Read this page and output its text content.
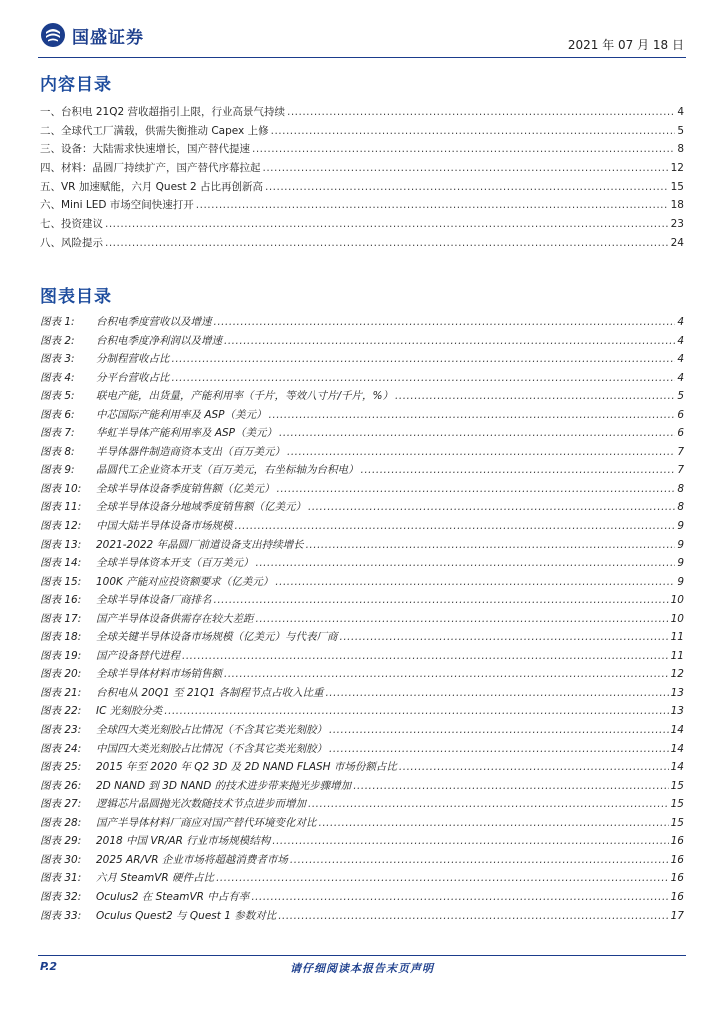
国盛证券	2021 年 07 月 18 日
内容目录
一、台积电 21Q2 营收超指引上限，行业高景气持续 .....	4
二、全球代工厂满载，供需失衡推动 Capex 上修 .....	5
三、设备：大陆需求快速增长，国产替代提速 .....	8
四、材料：晶圆厂持续扩产，国产替代序幕拉起 .....	12
五、VR 加速赋能，六月 Quest 2 占比再创新高 .....	15
六、Mini LED 市场空间快速打开 .....	18
七、投资建议 .....	23
八、风险提示 .....	24
图表目录
图表 1:	台积电季度营收以及增速 .....	4
图表 2:	台积电季度净利润以及增速 .....	4
图表 3:	分制程营收占比 .....	4
图表 4:	分平台营收占比 .....	4
图表 5:	联电产能，出货量，产能利用率（千片，等效八寸片/千片，%） .....	5
图表 6:	中芯国际产能利用率及 ASP（美元） .....	6
图表 7:	华虹半导体产能利用率及 ASP（美元） .....	6
图表 8:	半导体器件制造商资本支出（百万美元） .....	7
图表 9:	晶圆代工企业资本开支（百万美元，右坐标轴为台积电） .....	7
图表 10:	全球半导体设备季度销售额（亿美元） .....	8
图表 11:	全球半导体设备分地域季度销售额（亿美元） .....	8
图表 12:	中国大陆半导体设备市场规模 .....	9
图表 13:	2021-2022 年晶圆厂前道设备支出持续增长 .....	9
图表 14:	全球半导体资本开支（百万美元） .....	9
图表 15:	100K 产能对应投资额要求（亿美元） .....	9
图表 16:	全球半导体设备厂商排名 .....	10
图表 17:	国产半导体设备供需存在较大差距 .....	10
图表 18:	全球关键半导体设备市场规模（亿美元）与代表厂商 .....	11
图表 19:	国产设备替代进程 .....	11
图表 20:	全球半导体材料市场销售额 .....	12
图表 21:	台积电从 20Q1 至 21Q1 各制程节点占收入比重 .....	13
图表 22:	IC 光刻胶分类 .....	13
图表 23:	全球四大类光刻胶占比情况（不含其它类光刻胶） .....	14
图表 24:	中国四大类光刻胶占比情况（不含其它类光刻胶） .....	14
图表 25:	2015 年至 2020 年 Q2 3D 及 2D NAND FLASH 市场份额占比 .....	14
图表 26:	2D NAND 到 3D NAND 的技术进步带来抛光步骤增加 .....	15
图表 27:	逻辑芯片晶圆抛光次数随技术节点进步而增加 .....	15
图表 28:	国产半导体材料厂商应对国产替代环境变化对比 .....	15
图表 29:	2018 中国 VR/AR 行业市场规模结构 .....	16
图表 30:	2025 AR/VR 企业市场将超越消费者市场 .....	16
图表 31:	六月 SteamVR 硬件占比 .....	16
图表 32:	Oculus2 在 SteamVR 中占有率 .....	16
图表 33:	Oculus Quest2 与 Quest 1 参数对比 .....	17
P.2	请仔细阅读本报告末页声明
